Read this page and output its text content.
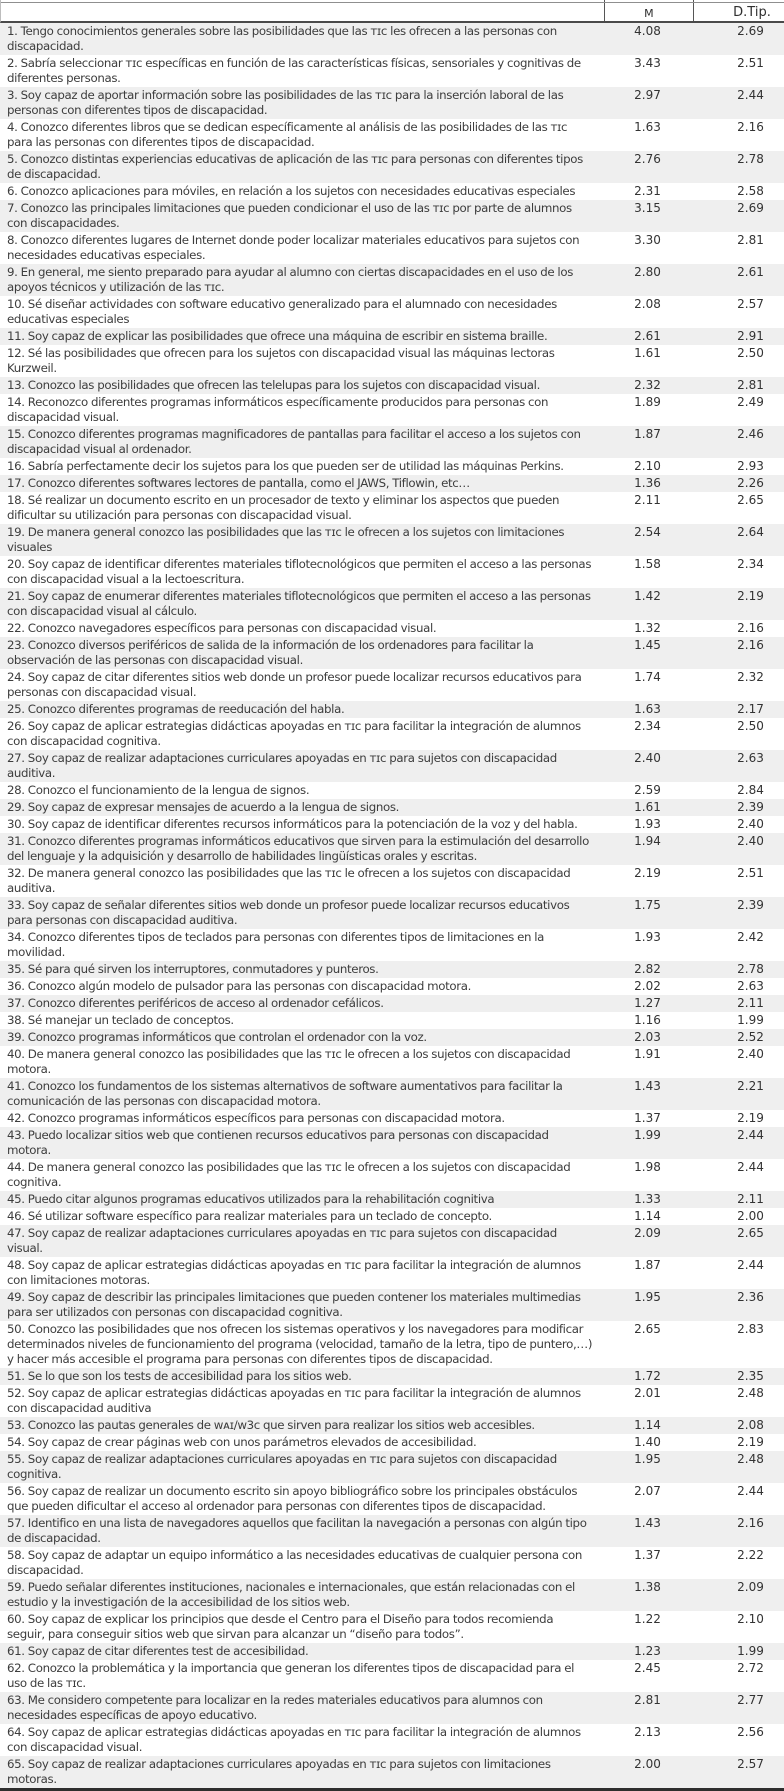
M	D.Tip.
1. Tengo conocimientos generales sobre las posibilidades que las ᴛɪᴄ les ofrecen a las personas con discapacidad.
4.08	2.69
2. Sabría seleccionar ᴛɪᴄ específicas en función de las características físicas, sensoriales y cognitivas de diferentes personas.
3.43	2.51
3. Soy capaz de aportar información sobre las posibilidades de las ᴛɪᴄ para la inserción laboral de las personas con diferentes tipos de discapacidad.
2.97	2.44
4. Conozco diferentes libros que se dedican específicamente al análisis de las posibilidades de las ᴛɪᴄ para las personas con diferentes tipos de discapacidad.
1.63	2.16
5. Conozco distintas experiencias educativas de aplicación de las ᴛɪᴄ para personas con diferentes tipos de discapacidad.
2.76	2.78
6. Conozco aplicaciones para móviles, en relación a los sujetos con necesidades educativas especiales	2.31	2.58
7. Conozco las principales limitaciones que pueden condicionar el uso de las ᴛɪᴄ por parte de alumnos con discapacidades.
3.15	2.69
8. Conozco diferentes lugares de Internet donde poder localizar materiales educativos para sujetos con necesidades educativas especiales.
3.30	2.81
9. En general, me siento preparado para ayudar al alumno con ciertas discapacidades en el uso de los apoyos técnicos y utilización de las ᴛɪᴄ.
2.80	2.61
10. Sé diseñar actividades con software educativo generalizado para el alumnado con necesidades educativas especiales
2.08	2.57
11. Soy capaz de explicar las posibilidades que ofrece una máquina de escribir en sistema braille.	2.61	2.91
12. Sé las posibilidades que ofrecen para los sujetos con discapacidad visual las máquinas lectoras Kurzweil.
1.61	2.50
13. Conozco las posibilidades que ofrecen las telelupas para los sujetos con discapacidad visual.	2.32	2.81
14. Reconozco diferentes programas informáticos específicamente producidos para personas con discapacidad visual.
1.89	2.49
15. Conozco diferentes programas magnificadores de pantallas para facilitar el acceso a los sujetos con discapacidad visual al ordenador.
1.87	2.46
16. Sabría perfectamente decir los sujetos para los que pueden ser de utilidad las máquinas Perkins.	2.10	2.93
17. Conozco diferentes softwares lectores de pantalla, como el JAWS, Tiflowin, etc…	1.36	2.26
18. Sé realizar un documento escrito en un procesador de texto y eliminar los aspectos que pueden dificultar su utilización para personas con discapacidad visual.
2.11	2.65
19. De manera general conozco las posibilidades que las ᴛɪᴄ le ofrecen a los sujetos con limitaciones visuales
2.54	2.64
20. Soy capaz de identificar diferentes materiales tiflotecnológicos que permiten el acceso a las personas con discapacidad visual a la lectoescritura.
1.58	2.34
21. Soy capaz de enumerar diferentes materiales tiflotecnológicos que permiten el acceso a las personas con discapacidad visual al cálculo.
1.42	2.19
22. Conozco navegadores específicos para personas con discapacidad visual.	1.32	2.16
23. Conozco diversos periféricos de salida de la información de los ordenadores para facilitar la observación de las personas con discapacidad visual.
1.45	2.16
24. Soy capaz de citar diferentes sitios web donde un profesor puede localizar recursos educativos para personas con discapacidad visual.
1.74	2.32
25. Conozco diferentes programas de reeducación del habla.	1.63	2.17
26. Soy capaz de aplicar estrategias didácticas apoyadas en ᴛɪᴄ para facilitar la integración de alumnos con discapacidad cognitiva.
2.34	2.50
27. Soy capaz de realizar adaptaciones curriculares apoyadas en ᴛɪᴄ para sujetos con discapacidad auditiva.
2.40	2.63
28. Conozco el funcionamiento de la lengua de signos.	2.59	2.84
29. Soy capaz de expresar mensajes de acuerdo a la lengua de signos.	1.61	2.39
30. Soy capaz de identificar diferentes recursos informáticos para la potenciación de la voz y del habla.	1.93	2.40
31. Conozco diferentes programas informáticos educativos que sirven para la estimulación del desarrollo del lenguaje y la adquisición y desarrollo de habilidades lingüísticas orales y escritas.
1.94	2.40
32. De manera general conozco las posibilidades que las ᴛɪᴄ le ofrecen a los sujetos con discapacidad auditiva.
2.19	2.51
33. Soy capaz de señalar diferentes sitios web donde un profesor puede localizar recursos educativos para personas con discapacidad auditiva.
1.75	2.39
34. Conozco diferentes tipos de teclados para personas con diferentes tipos de limitaciones en la movilidad.
1.93	2.42
35. Sé para qué sirven los interruptores, conmutadores y punteros.	2.82	2.78
36. Conozco algún modelo de pulsador para las personas con discapacidad motora.	2.02	2.63
37. Conozco diferentes periféricos de acceso al ordenador cefálicos.	1.27	2.11
38. Sé manejar un teclado de conceptos.	1.16	1.99
39. Conozco programas informáticos que controlan el ordenador con la voz.	2.03	2.52
40. De manera general conozco las posibilidades que las ᴛɪᴄ le ofrecen a los sujetos con discapacidad motora.
1.91	2.40
41. Conozco los fundamentos de los sistemas alternativos de software aumentativos para facilitar la comunicación de las personas con discapacidad motora.
1.43	2.21
42. Conozco programas informáticos específicos para personas con discapacidad motora.	1.37	2.19
43. Puedo localizar sitios web que contienen recursos educativos para personas con discapacidad motora.
1.99	2.44
44. De manera general conozco las posibilidades que las ᴛɪᴄ le ofrecen a los sujetos con discapacidad cognitiva.
1.98	2.44
45. Puedo citar algunos programas educativos utilizados para la rehabilitación cognitiva	1.33	2.11
46. Sé utilizar software específico para realizar materiales para un teclado de concepto.	1.14	2.00
47. Soy capaz de realizar adaptaciones curriculares apoyadas en ᴛɪᴄ para sujetos con discapacidad visual.
2.09	2.65
48. Soy capaz de aplicar estrategias didácticas apoyadas en ᴛɪᴄ para facilitar la integración de alumnos con limitaciones motoras.
1.87	2.44
49. Soy capaz de describir las principales limitaciones que pueden contener los materiales multimedias para ser utilizados con personas con discapacidad cognitiva.
1.95	2.36
50. Conozco las posibilidades que nos ofrecen los sistemas operativos y los navegadores para modificar determinados niveles de funcionamiento del programa (velocidad, tamaño de la letra, tipo de puntero,…) y hacer más accesible el programa para personas con diferentes tipos de discapacidad.
2.65	2.83
51. Se lo que son los tests de accesibilidad para los sitios web.	1.72	2.35
52. Soy capaz de aplicar estrategias didácticas apoyadas en ᴛɪᴄ para facilitar la integración de alumnos con discapacidad auditiva
2.01	2.48
53. Conozco las pautas generales de ᴡᴀɪ/ᴡ3ᴄ que sirven para realizar los sitios web accesibles.	1.14	2.08
54. Soy capaz de crear páginas web con unos parámetros elevados de accesibilidad.	1.40	2.19
55. Soy capaz de realizar adaptaciones curriculares apoyadas en ᴛɪᴄ para sujetos con discapacidad cognitiva.
1.95	2.48
56. Soy capaz de realizar un documento escrito sin apoyo bibliográfico sobre los principales obstáculos que pueden dificultar el acceso al ordenador para personas con diferentes tipos de discapacidad.
2.07	2.44
57. Identifico en una lista de navegadores aquellos que facilitan la navegación a personas con algún tipo de discapacidad.
1.43	2.16
58. Soy capaz de adaptar un equipo informático a las necesidades educativas de cualquier persona con discapacidad.
1.37	2.22
59. Puedo señalar diferentes instituciones, nacionales e internacionales, que están relacionadas con el estudio y la investigación de la accesibilidad de los sitios web.
1.38	2.09
60. Soy capaz de explicar los principios que desde el Centro para el Diseño para todos recomienda seguir, para conseguir sitios web que sirvan para alcanzar un “diseño para todos”.
1.22	2.10
61. Soy capaz de citar diferentes test de accesibilidad.	1.23	1.99
62. Conozco la problemática y la importancia que generan los diferentes tipos de discapacidad para el uso de las ᴛɪᴄ.
2.45	2.72
63. Me considero competente para localizar en la redes materiales educativos para alumnos con necesidades específicas de apoyo educativo.
2.81	2.77
64. Soy capaz de aplicar estrategias didácticas apoyadas en ᴛɪᴄ para facilitar la integración de alumnos con discapacidad visual.
2.13	2.56
65. Soy capaz de realizar adaptaciones curriculares apoyadas en ᴛɪᴄ para sujetos con limitaciones motoras.
2.00	2.57
